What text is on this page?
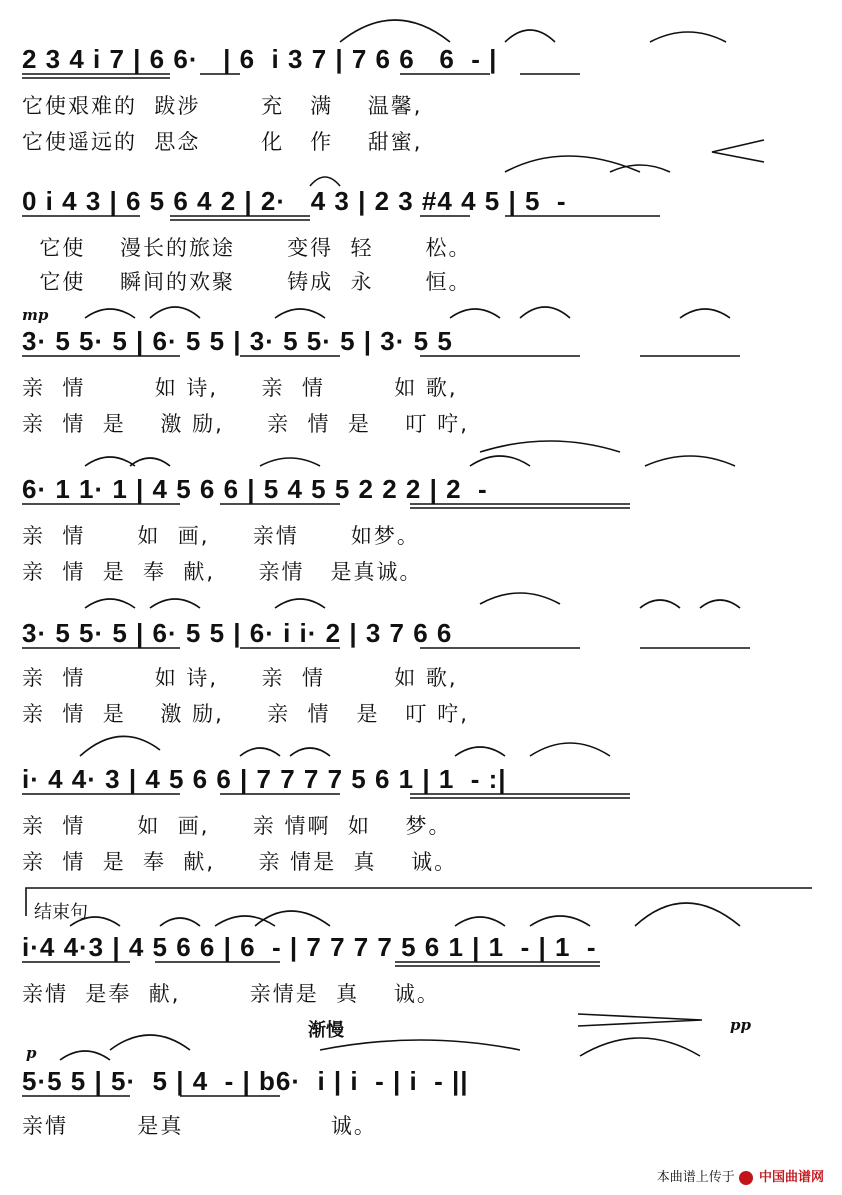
2 3 4 i 7 | 6 6·   | 6  i 3 7 | 7 6 6   6  - |
它使艰难的  跋涉       充   满    温馨,
它使遥远的  思念       化   作    甜蜜,
0 i 4 3 | 6 5 6 4 2 | 2·   4 3 | 2 3 #4 4 5 | 5  -
它使    漫长的旅途      变得  轻      松。
它使    瞬间的欢聚      铸成  永      恒。
mp
3· 5 5· 5 | 6· 5 5 | 3· 5 5· 5 | 3· 5 5
亲  情        如 诗,     亲  情        如 歌,
亲  情  是    激 励,     亲  情  是    叮 咛,
6· 1 1· 1 | 4 5 6 6 | 5 4 5 5 2 2 2 | 2  -
亲  情      如  画,     亲情      如梦。
亲  情  是  奉  献,     亲情   是真诚。
3· 5 5· 5 | 6· 5 5 | 6· i i· 2 | 3 7 6 6
亲  情        如 诗,     亲  情        如 歌,
亲  情  是    激 励,     亲  情   是   叮 咛,
i· 4 4· 3 | 4 5 6 6 | 7 7 7 7 5 6 1 | 1  - :|
亲  情      如  画,     亲 情啊  如    梦。
亲  情  是  奉  献,     亲 情是  真    诚。
结束句
i·4 4·3 | 4 5 6 6 | 6  - | 7 7 7 7 5 6 1 | 1  - | 1  -
亲情  是奉  献,        亲情是  真    诚。
p
渐慢	pp
5·5 5 | 5·  5 | 4  - | b6·  i | i  - | i  - ||
亲情        是真                 诚。
本曲谱上传于 中国曲谱网
